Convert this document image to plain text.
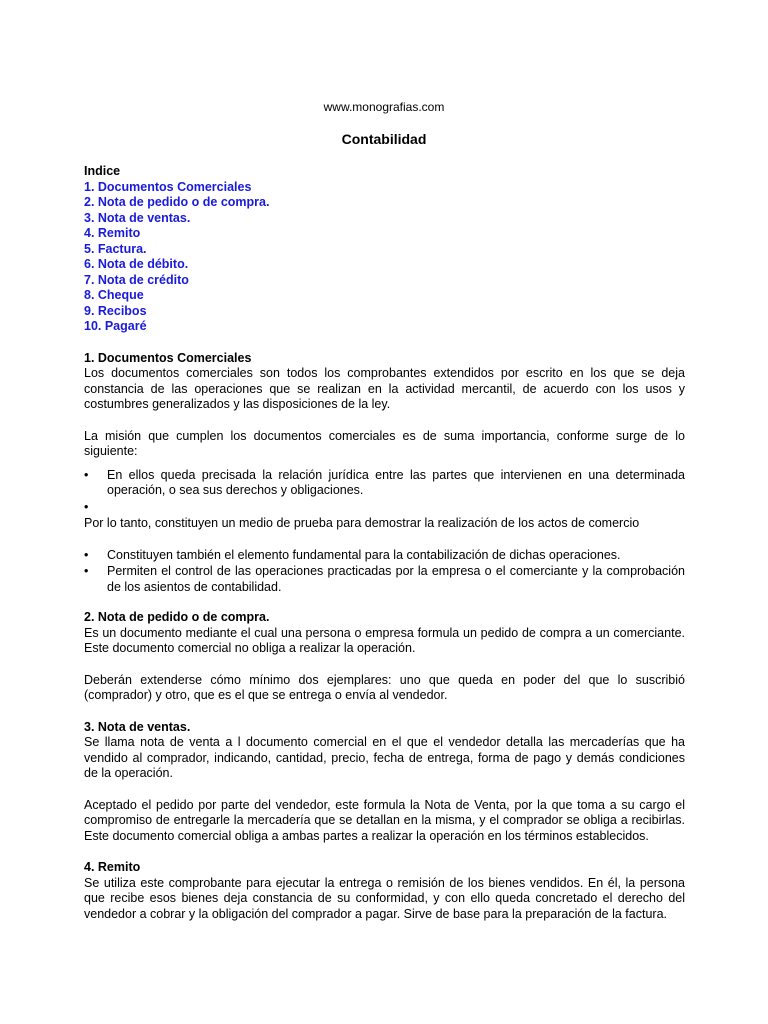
www.monografias.com
Contabilidad
Indice
1. Documentos Comerciales
2. Nota de pedido o de compra.
3. Nota de ventas.
4. Remito
5. Factura.
6. Nota de débito.
7. Nota de crédito
8. Cheque
9. Recibos
10. Pagaré
1. Documentos Comerciales

Los documentos comerciales son todos los comprobantes extendidos por escrito en los que se deja constancia de las operaciones que se realizan en la actividad mercantil, de acuerdo con los usos y costumbres generalizados y las disposiciones de la ley.

La misión que cumplen los documentos comerciales es de suma importancia, conforme surge de lo siguiente:

• En ellos queda precisada la relación jurídica entre las partes que intervienen en una determinada operación, o sea sus derechos y obligaciones.
•

Por lo tanto, constituyen un medio de prueba para demostrar la realización de los actos de comercio

• Constituyen también el elemento fundamental para la contabilización de dichas operaciones.
• Permiten el control de las operaciones practicadas por la empresa o el comerciante y la comprobación de los asientos de contabilidad.
2. Nota de pedido o de compra.

Es un documento mediante el cual una persona o empresa formula un pedido de compra a un comerciante. Este documento comercial no obliga a realizar la operación.

Deberán extenderse cómo mínimo dos ejemplares: uno que queda en poder del que lo suscribió (comprador) y otro, que es el que se entrega o envía al vendedor.

3. Nota de ventas.

Se llama nota de venta a l documento comercial en el que el vendedor detalla las mercaderías que ha vendido al comprador, indicando, cantidad, precio, fecha de entrega, forma de pago y demás condiciones de la operación.

Aceptado el pedido por parte del vendedor, este formula la Nota de Venta, por la que toma a su cargo el compromiso de entregarle la mercadería que se detallan en la misma, y el comprador se obliga a recibirlas. Este documento comercial obliga a ambas partes a realizar la operación en los términos establecidos.

4. Remito

Se utiliza este comprobante para ejecutar la entrega o remisión de los bienes vendidos. En él, la persona que recibe esos bienes deja constancia de su conformidad, y con ello queda concretado el derecho del vendedor a cobrar y la obligación del comprador a pagar. Sirve de base para la preparación de la factura.
